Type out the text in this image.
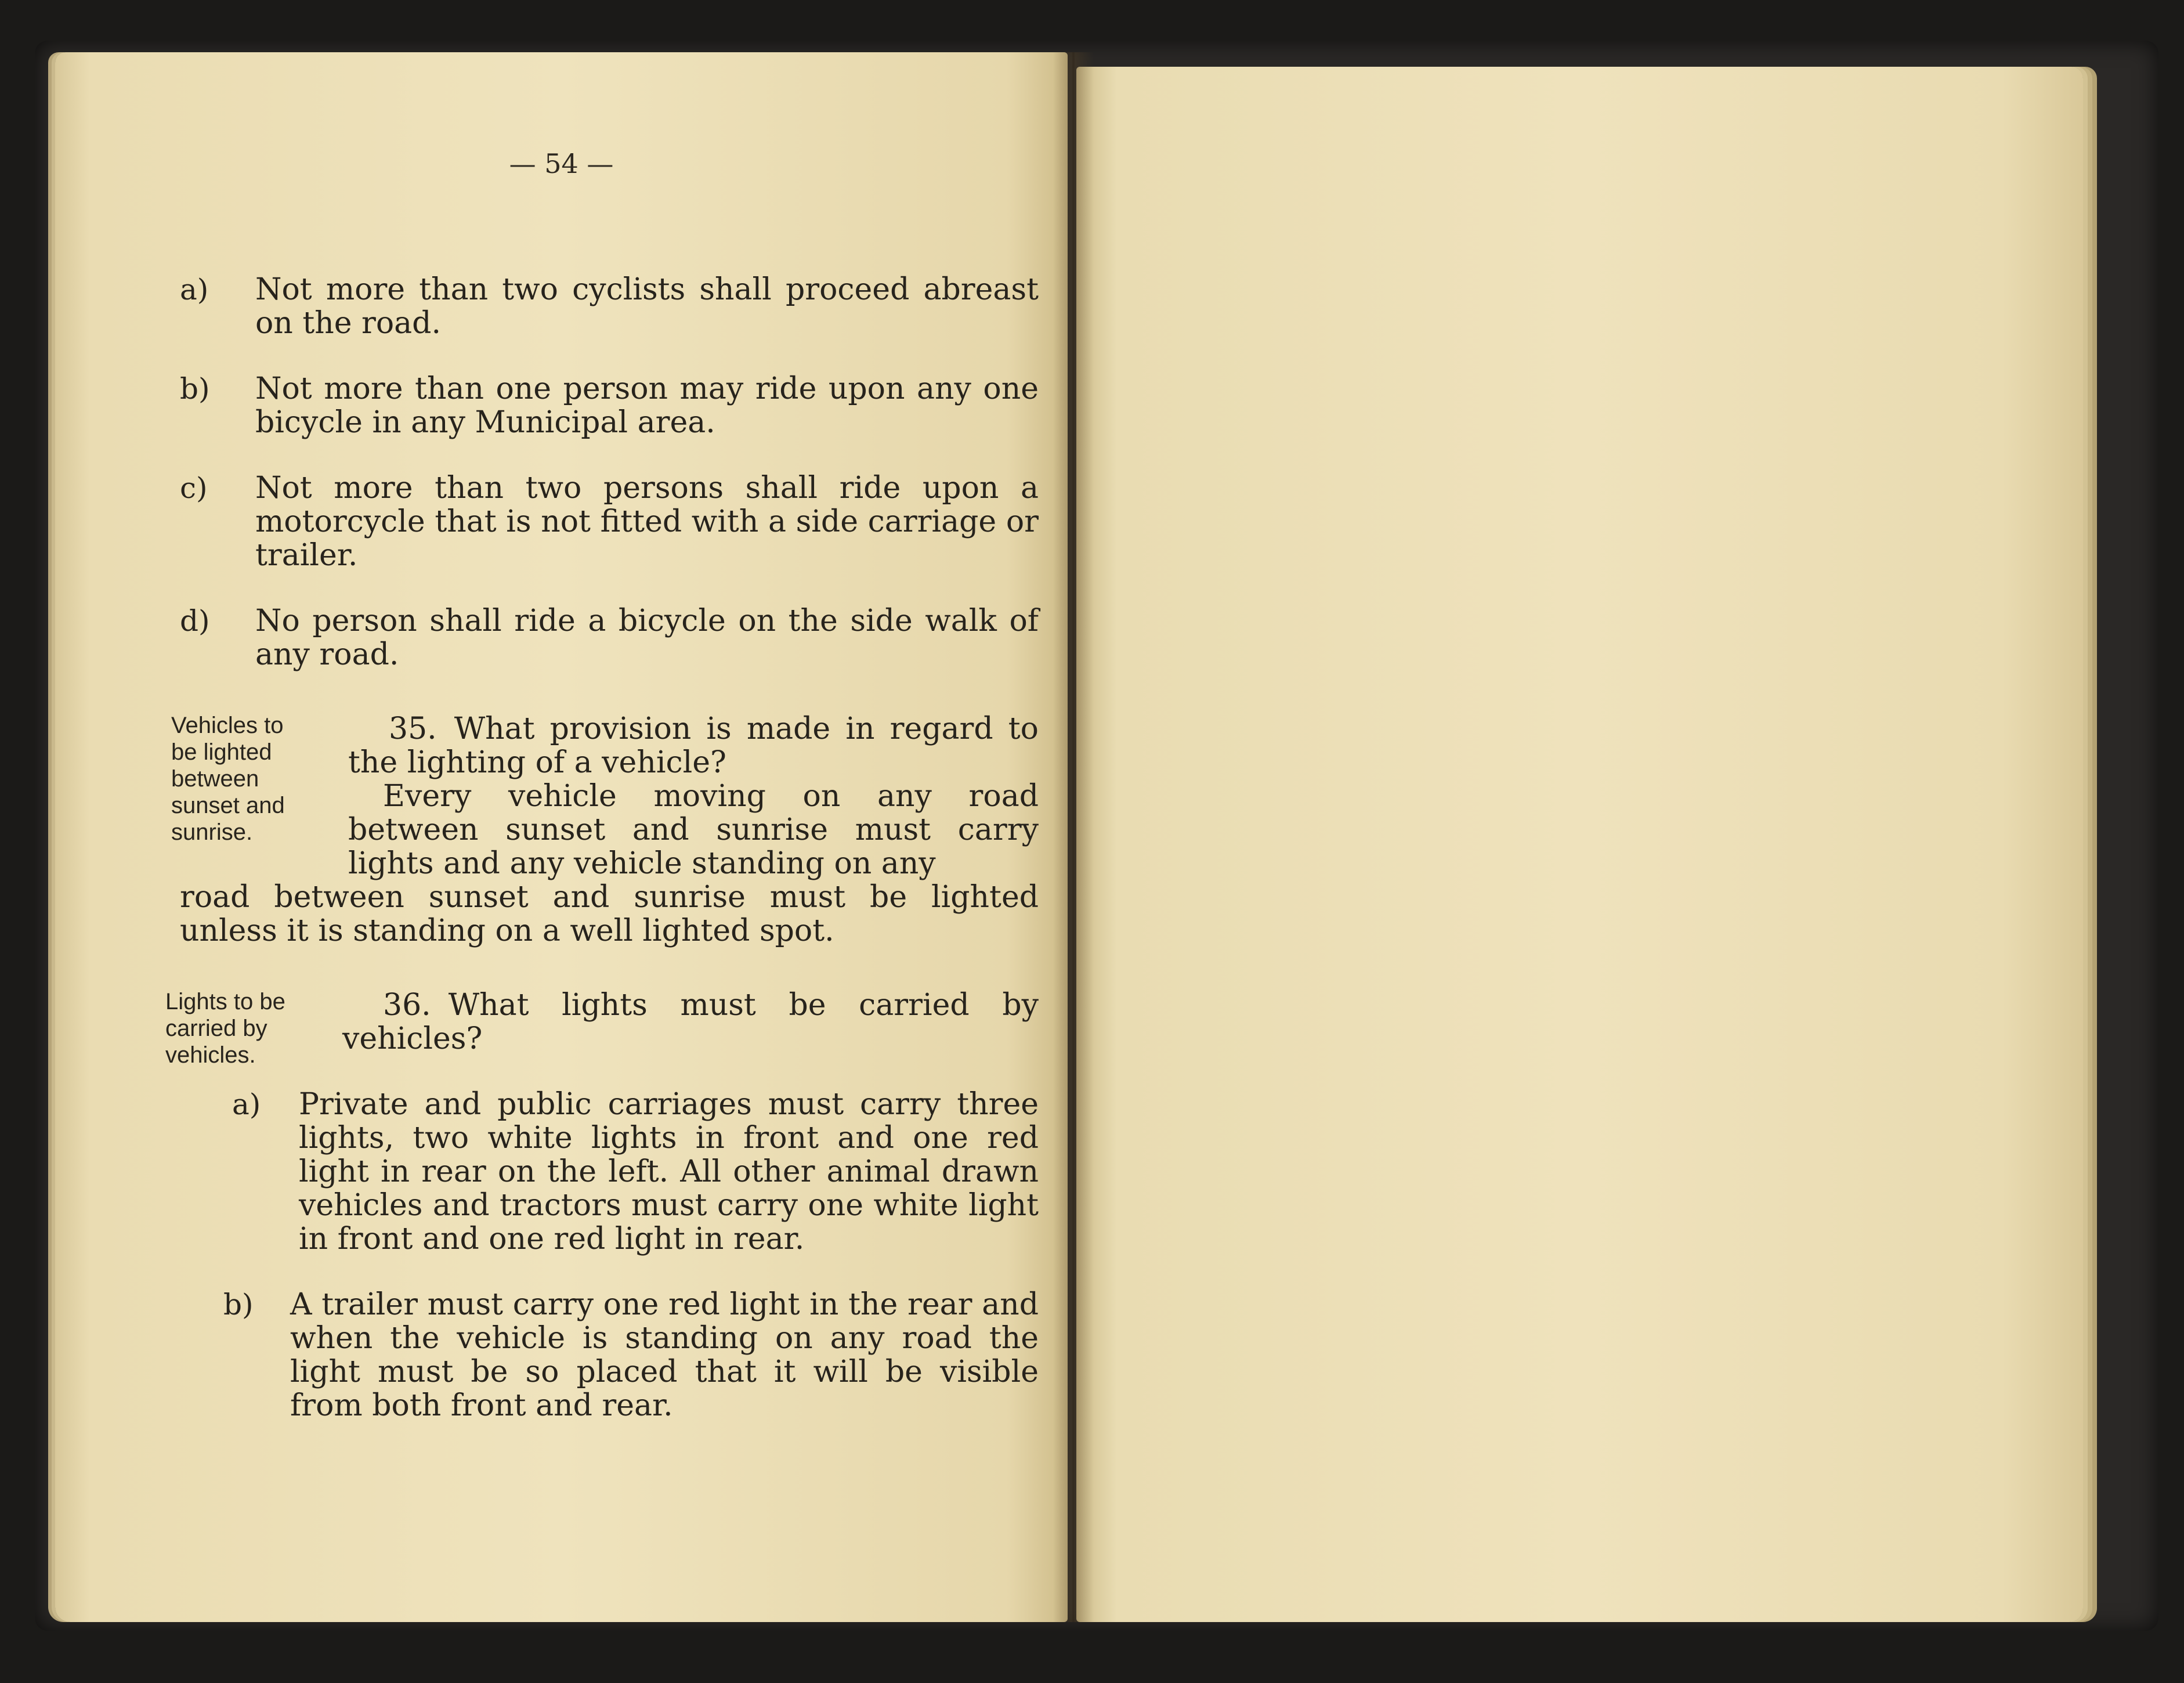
— 54 —
a) Not more than two cyclists shall proceed abreast on the road.
b) Not more than one person may ride upon any one bicycle in any Municipal area.
c) Not more than two persons shall ride upon a motorcycle that is not fitted with a side carriage or trailer.
d) No person shall ride a bicycle on the side walk of any road.
Vehicles to be lighted between sunset and sunrise.
35. What provision is made in regard to the lighting of a vehicle?
Every vehicle moving on any road between sunset and sunrise must carry lights and any vehicle standing on any
road between sunset and sunrise must be lighted unless it is standing on a well lighted spot.
Lights to be carried by vehicles.
36. What lights must be carried by vehicles?
a) Private and public carriages must carry three lights, two white lights in front and one red light in rear on the left. All other animal drawn vehicles and tractors must carry one white light in front and one red light in rear.
b) A trailer must carry one red light in the rear and when the vehicle is standing on any road the light must be so placed that it will be visible from both front and rear.
